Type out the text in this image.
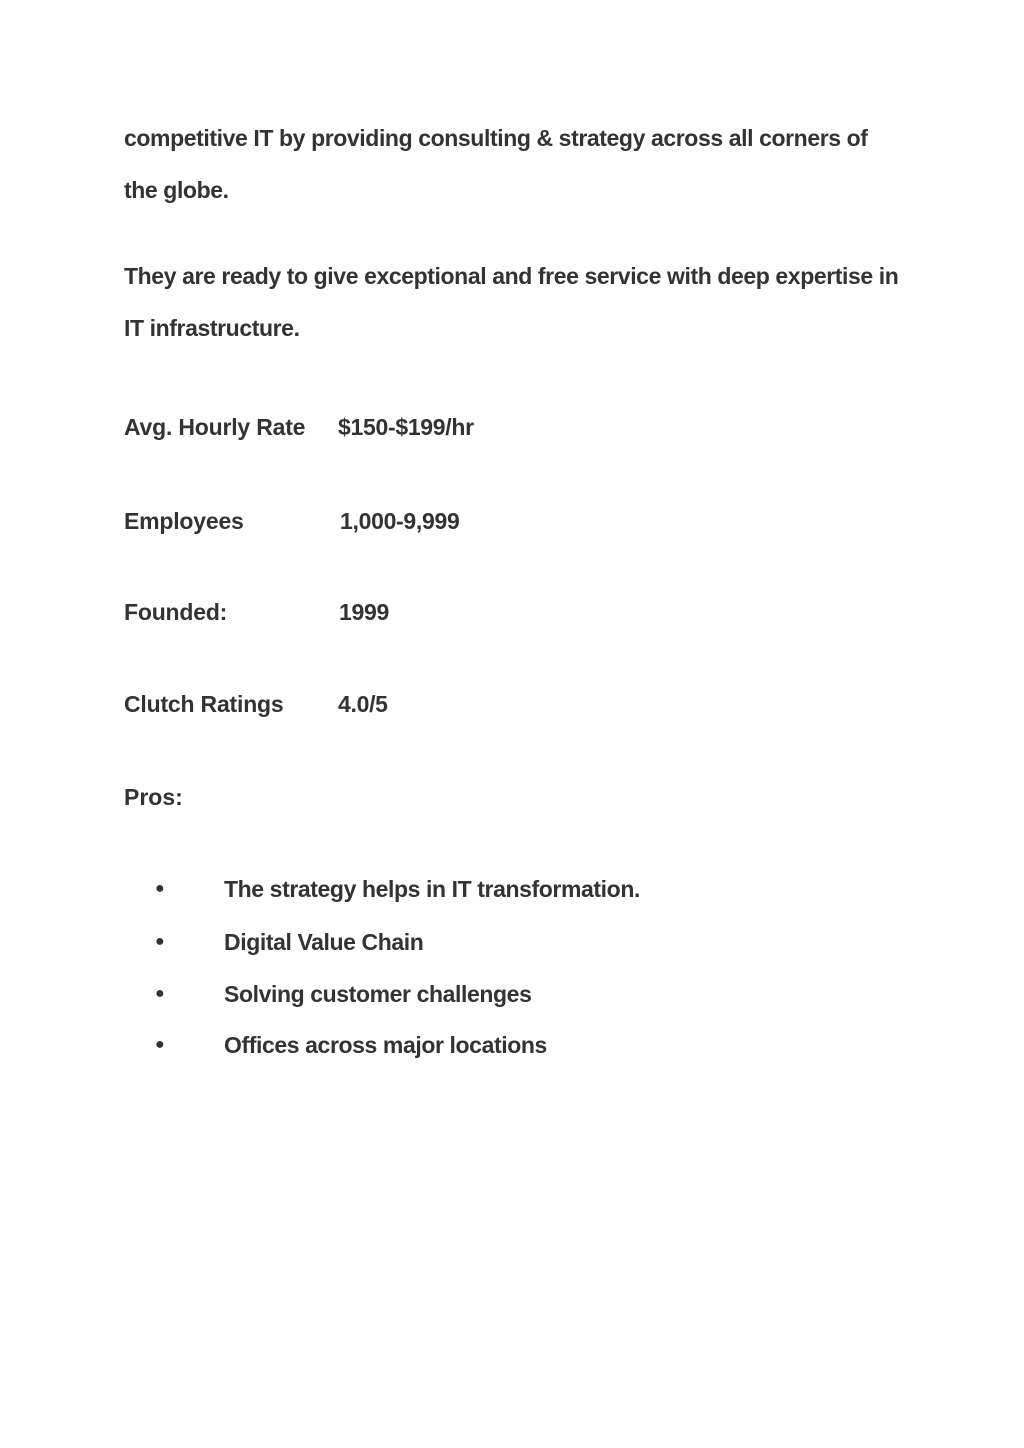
competitive IT by providing consulting & strategy across all corners of the globe.

They are ready to give exceptional and free service with deep expertise in IT infrastructure.

Avg. Hourly Rate $150-$199/hr
Employees	1,000-9,999
Founded:	1999
Clutch Ratings 4.0/5

Pros:

●
The strategy helps in IT transformation.
●
Digital Value Chain
●
Solving customer challenges
●
Offices across major locations
